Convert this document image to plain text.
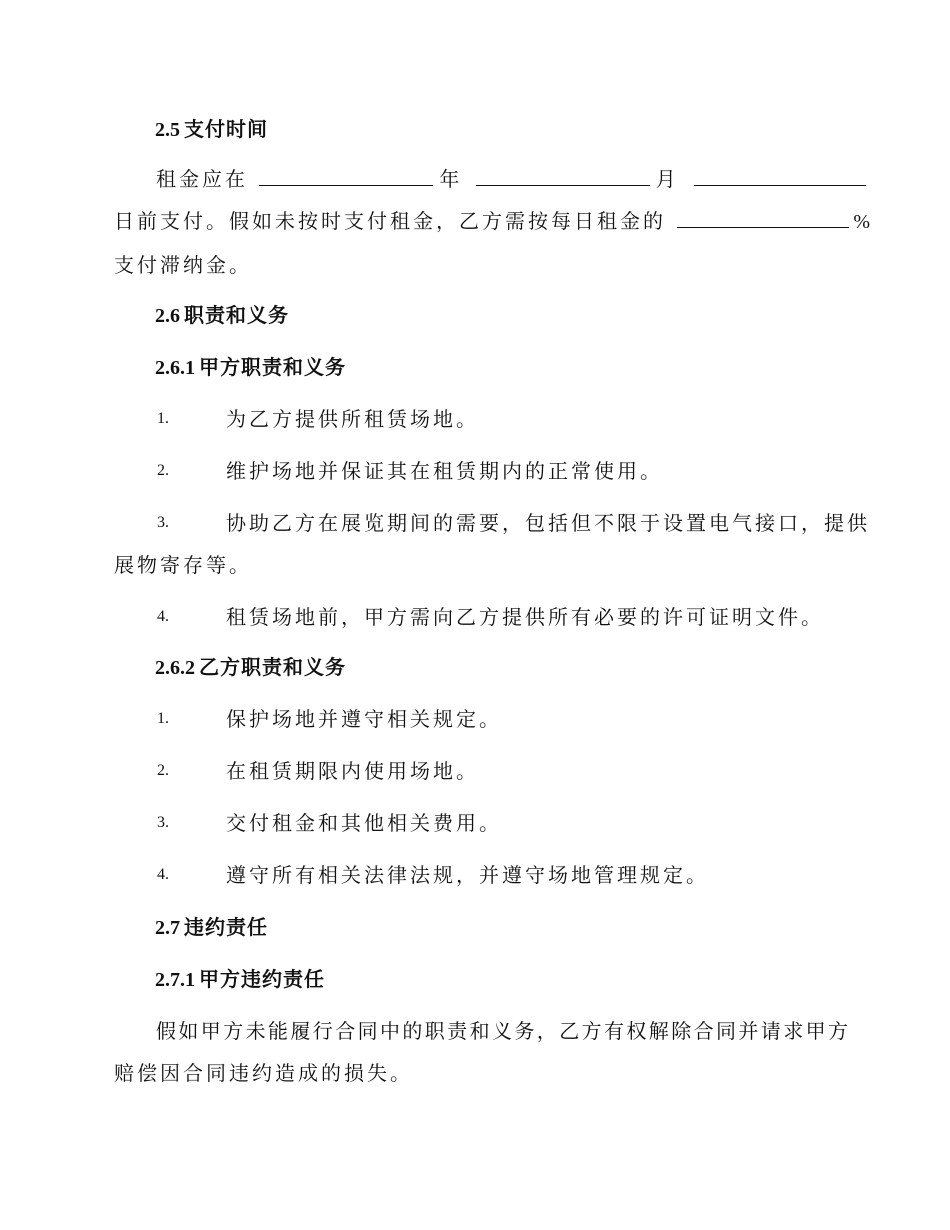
2.5 支付时间
租金应在	年	月
日前支付。假如未按时支付租金，乙方需按每日租金的	%
支付滞纳金。
2.6 职责和义务
2.6.1 甲方职责和义务
1.	为乙方提供所租赁场地。
2.	维护场地并保证其在租赁期内的正常使用。
3.	协助乙方在展览期间的需要，包括但不限于设置电气接口，提供
展物寄存等。
4.	租赁场地前，甲方需向乙方提供所有必要的许可证明文件。
2.6.2 乙方职责和义务
1.	保护场地并遵守相关规定。
2.	在租赁期限内使用场地。
3.	交付租金和其他相关费用。
4.	遵守所有相关法律法规，并遵守场地管理规定。
2.7 违约责任
2.7.1 甲方违约责任
假如甲方未能履行合同中的职责和义务，乙方有权解除合同并请求甲方
赔偿因合同违约造成的损失。
